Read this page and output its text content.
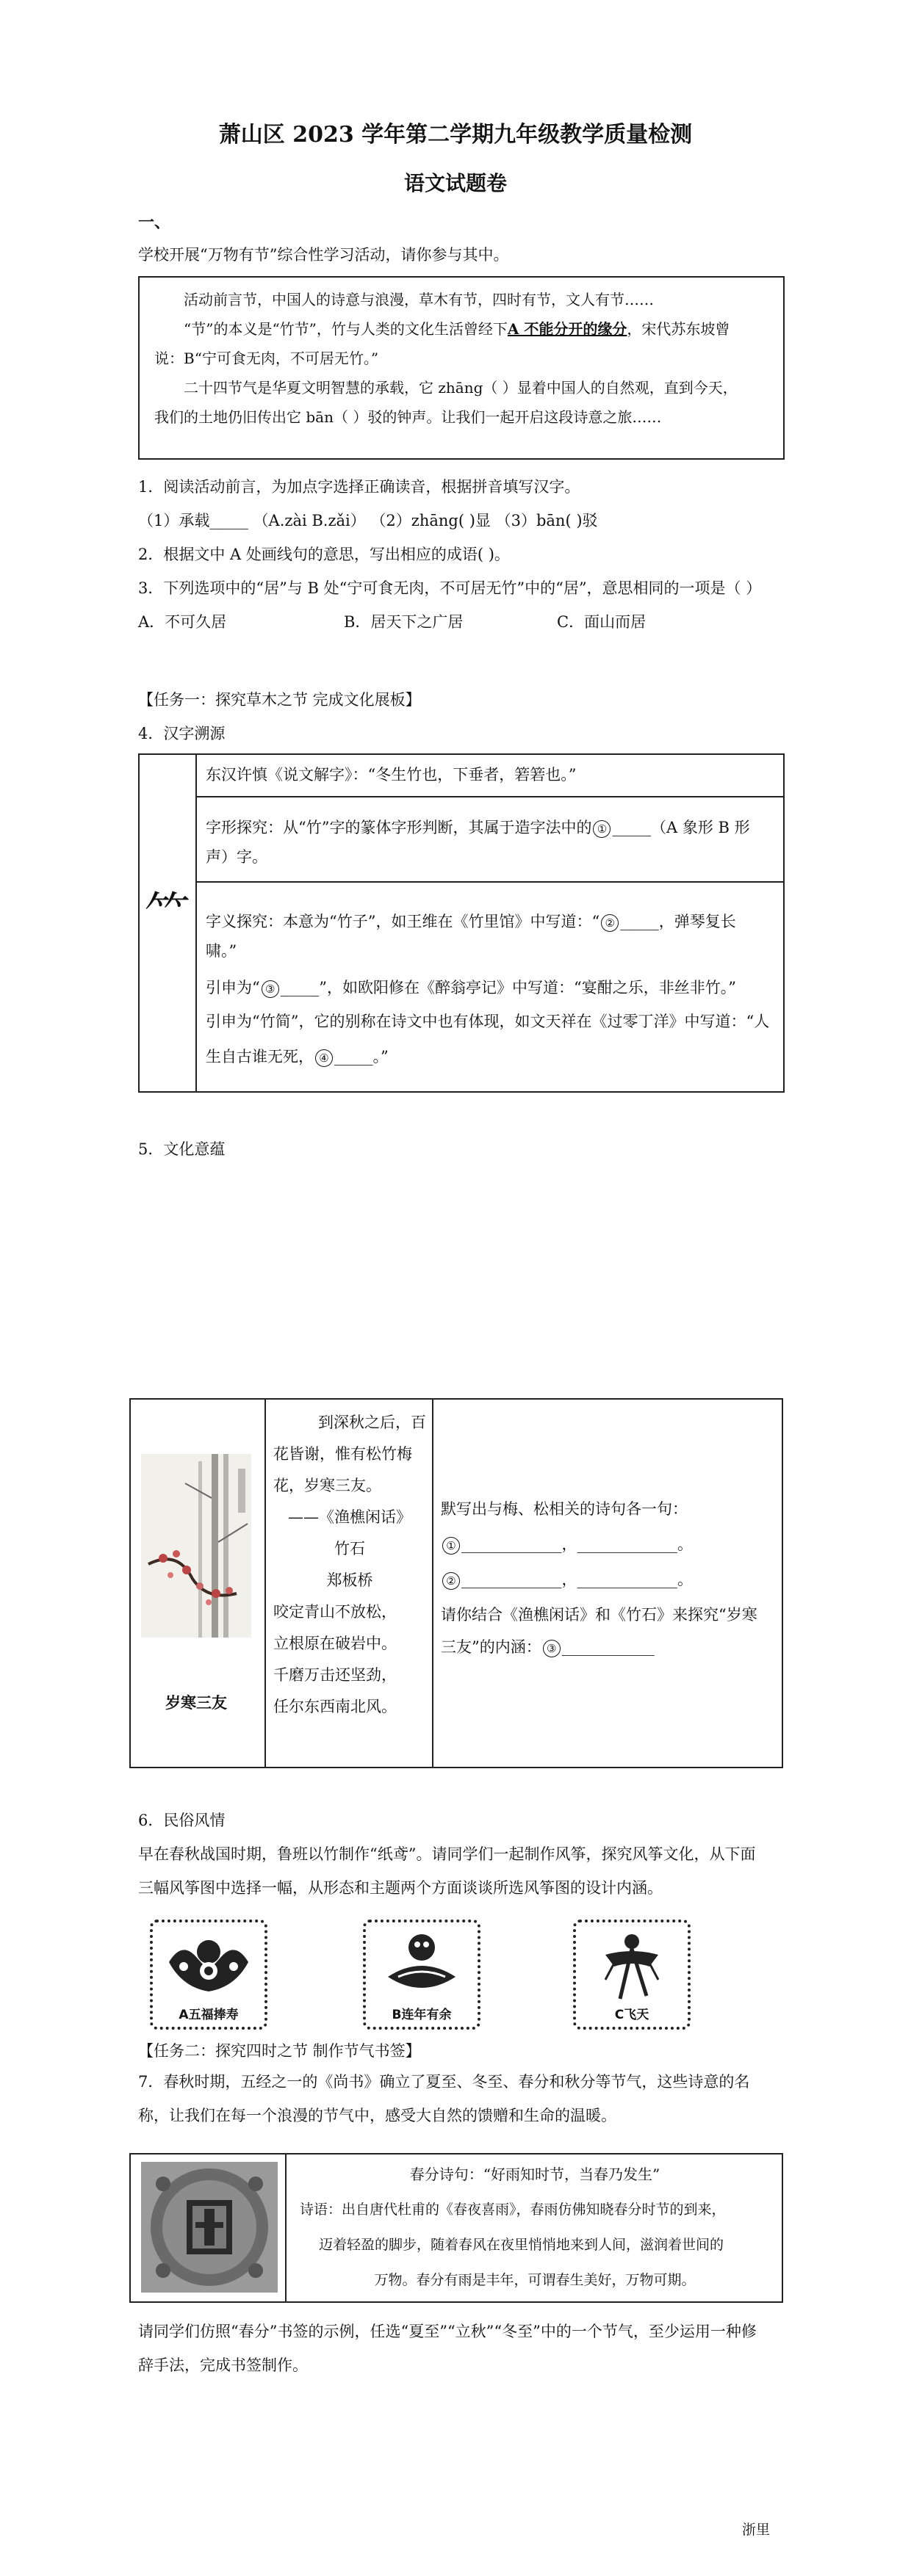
萧山区 2023 学年第二学期九年级教学质量检测
语文试题卷
一、
学校开展“万物有节”综合性学习活动，请你参与其中。

活动前言节，中国人的诗意与浪漫，草木有节，四时有节，文人有节……

“节”的本义是“竹节”，竹与人类的文化生活曾经下A 不能分开的缘分，宋代苏东坡曾

说：B“宁可食无肉，不可居无竹。”

二十四节气是华夏文明智慧的承载，它 zhāng（ ）显着中国人的自然观，直到今天，

我们的土地仍旧传出它 bān（ ）驳的钟声。让我们一起开启这段诗意之旅……

1．阅读活动前言，为加点字选择正确读音，根据拼音填写汉字。
（1）承载_____ （A.zài B.zǎi） （2）zhāng( )显 （3）bān( )驳
2．根据文中 A 处画线句的意思，写出相应的成语( )。
3．下列选项中的“居”与 B 处“宁可食无肉，不可居无竹”中的“居”，意思相同的一项是（ ）
A．不可久居	B．居天下之广居	C．面山而居
【任务一：探究草木之节 完成文化展板】
4．汉字溯源
⺮
东汉许慎《说文解字》：“冬生竹也，下垂者，箬箬也。”
字形探究：从“竹”字的篆体字形判断，其属于造字法中的 ① _____（A 象形 B 形
声）字。
字义探究：本意为“竹子”，如王维在《竹里馆》中写道：“ ② _____，弹琴复长
啸。”
引申为“ ③ _____”，如欧阳修在《醉翁亭记》中写道：“宴酣之乐，非丝非竹。”
引申为“竹简”，它的别称在诗文中也有体现，如文天祥在《过零丁洋》中写道：“人
生自古谁无死， ④ _____。”
5．文化意蕴
岁寒三友
到深秋之后，百
花皆谢，惟有松竹梅
花，岁寒三友。
——《渔樵闲话》
竹石
郑板桥
咬定青山不放松，
立根原在破岩中。
千磨万击还坚劲，
任尔东西南北风。
默写出与梅、松相关的诗句各一句：
① _____________，_____________。
② _____________，_____________。
请你结合《渔樵闲话》和《竹石》来探究“岁寒
三友”的内涵： ③ ____________
6．民俗风情
早在春秋战国时期，鲁班以竹制作“纸鸢”。请同学们一起制作风筝，探究风筝文化，从下面
三幅风筝图中选择一幅，从形态和主题两个方面谈谈所选风筝图的设计内涵。
A五福捧寿	B连年有余	C飞天
【任务二：探究四时之节 制作节气书签】
7．春秋时期，五经之一的《尚书》确立了夏至、冬至、春分和秋分等节气，这些诗意的名
称，让我们在每一个浪漫的节气中，感受大自然的馈赠和生命的温暖。
春分诗句：“好雨知时节，当春乃发生”
诗语：出自唐代杜甫的《春夜喜雨》，春雨仿佛知晓春分时节的到来，
迈着轻盈的脚步，随着春风在夜里悄悄地来到人间，滋润着世间的
万物。春分有雨是丰年，可谓春生美好，万物可期。
请同学们仿照“春分”书签的示例，任选“夏至”“立秋”“冬至”中的一个节气，至少运用一种修
辞手法，完成书签制作。
浙里
